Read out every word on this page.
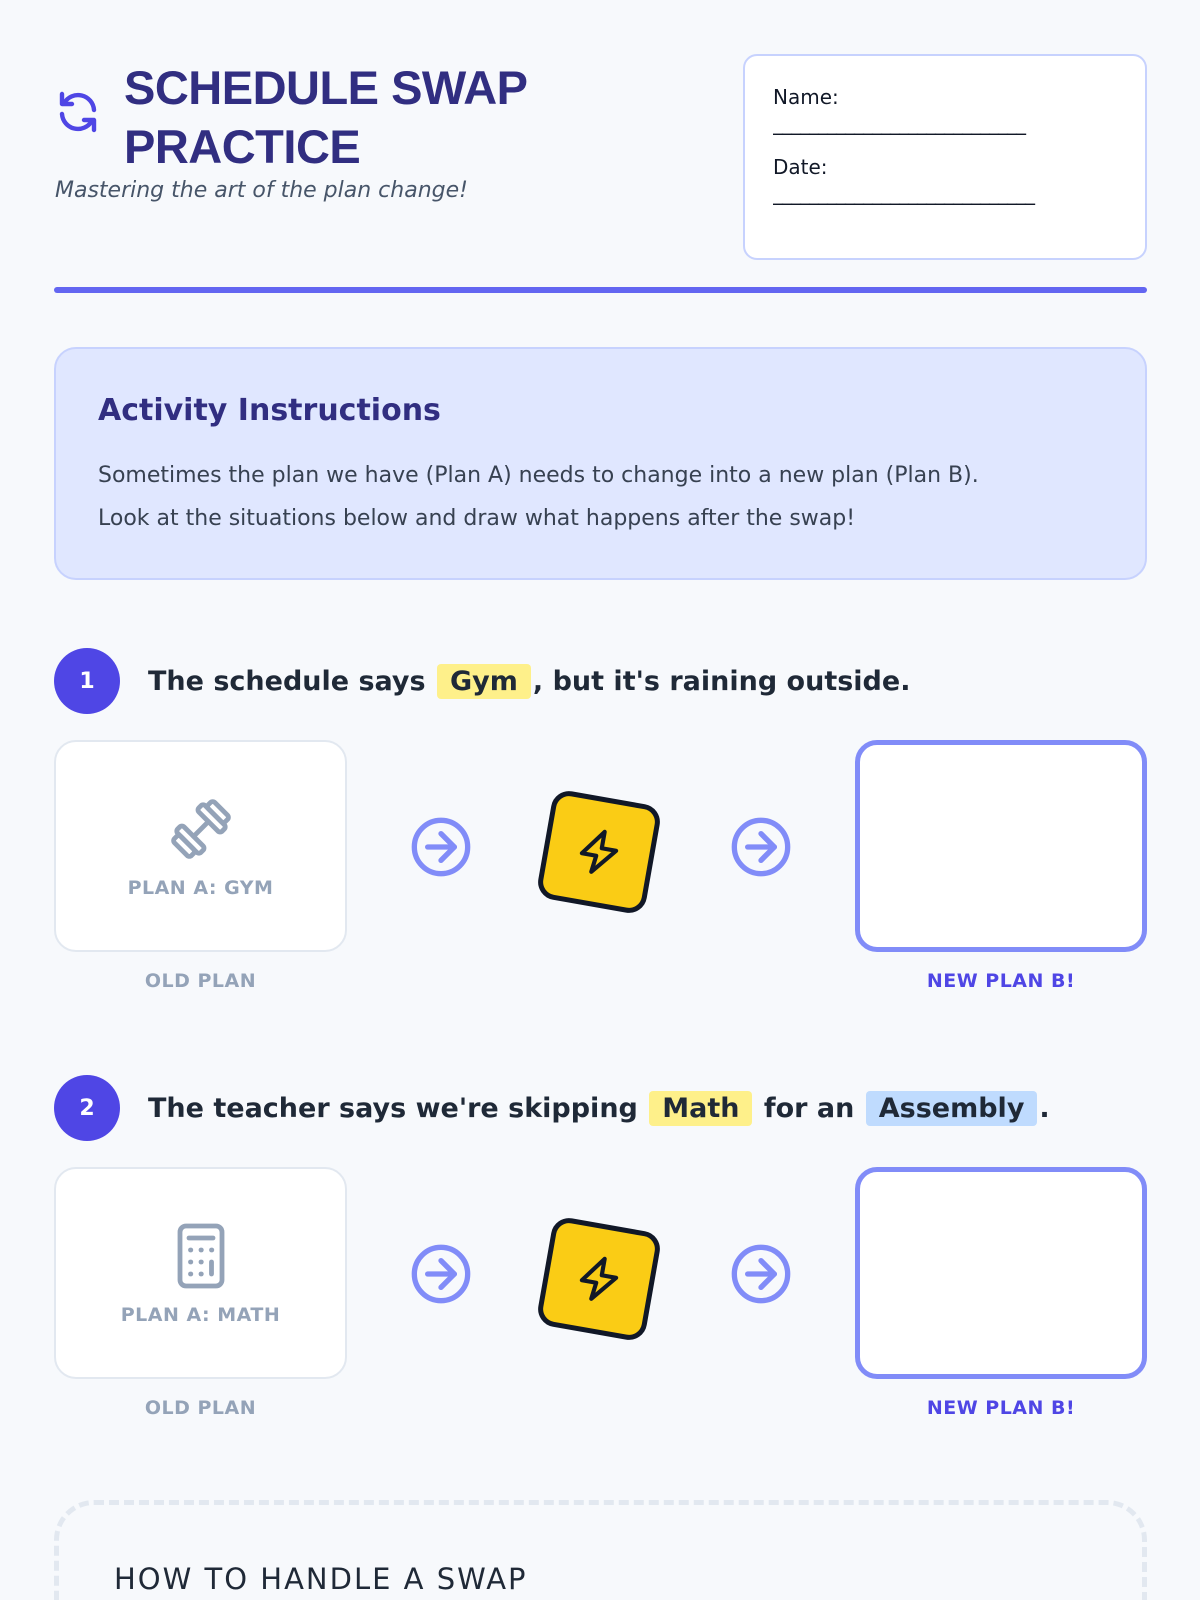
SCHEDULE SWAP PRACTICE
Mastering the art of the plan change!
Name:
____________________________
Date:
_____________________________
Activity Instructions

Sometimes the plan we have (Plan A) needs to change into a new plan (Plan B).

Look at the situations below and draw what happens after the swap!

1	The schedule says Gym , but it's raining outside.
PLAN A: GYM
OLD PLAN	NEW PLAN B!
2	The teacher says we're skipping Math for an Assembly .
PLAN A: MATH
OLD PLAN	NEW PLAN B!
HOW TO HANDLE A SWAP
